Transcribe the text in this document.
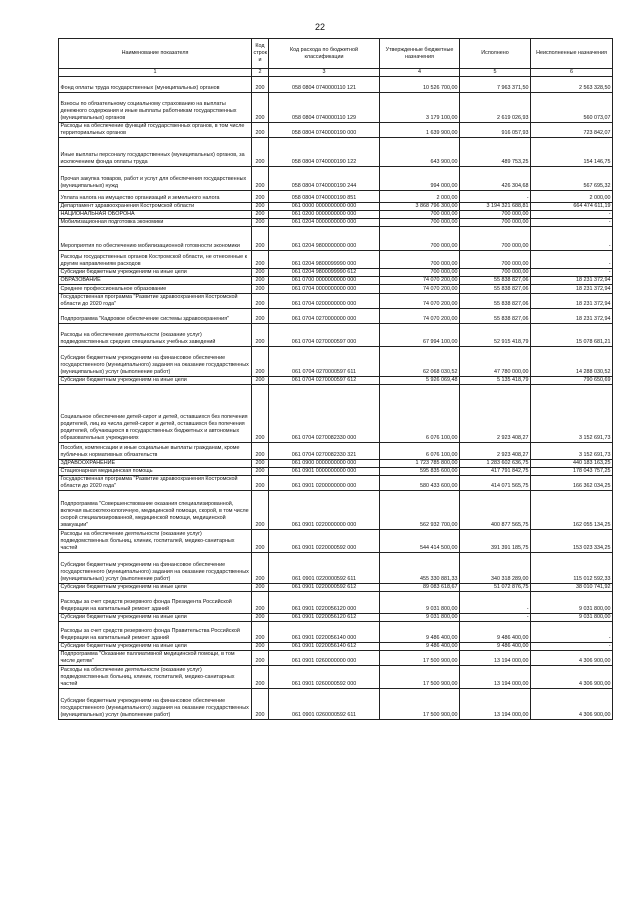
22
Наименование показателя	Код строк и	Код расхода по бюджетной классификации	Утвержденные бюджетные назначения	Исполнено	Неисполненные назначения
1	2	3	4	5	6
Фонд оплаты труда государственных (муниципальных) органов	200	058 0804 0740000110 121	10 526 700,00	7 963 371,50	2 563 328,50
Взносы по обязательному социальному страхованию на выплаты денежного содержания и иные выплаты работникам государственных (муниципальных) органов	200	058 0804 0740000110 129	3 179 100,00	2 619 026,93	560 073,07
Расходы на обеспечение функций государственных органов, в том числе территориальных органов	200	058 0804 0740000190 000	1 639 900,00	916 057,93	723 842,07
Иные выплаты персоналу государственных (муниципальных) органов, за исключением фонда оплаты труда	200	058 0804 0740000190 122	643 900,00	489 753,25	154 146,75
Прочая закупка товаров, работ и услуг для обеспечения государственных (муниципальных) нужд	200	058 0804 0740000190 244	994 000,00	426 304,68	567 695,32
Уплата налога на имущество организаций и земельного налога	200	058 0804 0740000190 851	2 000,00	-	2 000,00
Департамент здравоохранения Костромской области	200	061 0000 0000000000 000	3 868 796 300,00	3 194 321 688,81	664 474 611,19
НАЦИОНАЛЬНАЯ ОБОРОНА	200	061 0200 0000000000 000	700 000,00	700 000,00	-
Мобилизационная подготовка экономики	200	061 0204 0000000000 000	700 000,00	700 000,00	-
Мероприятия по обеспечению мобилизационной готовности экономики	200	061 0204 9800000000 000	700 000,00	700 000,00	-
Расходы государственных органов Костромской области, не отнесенные к другим направлениям расходов	200	061 0204 9800099990 000	700 000,00	700 000,00	-
Субсидии бюджетным учреждениям на иные цели	200	061 0204 9800099990 612	700 000,00	700 000,00	-
ОБРАЗОВАНИЕ	200	061 0700 0000000000 000	74 070 200,00	55 838 827,06	18 231 372,94
Среднее профессиональное образование	200	061 0704 0000000000 000	74 070 200,00	55 838 827,06	18 231 372,94
Государственная программа "Развитие здравоохранения Костромской области до 2020 года"	200	061 0704 0200000000 000	74 070 200,00	55 838 827,06	18 231 372,94
Подпрограмма "Кадровое обеспечение системы здравоохранения"	200	061 0704 0270000000 000	74 070 200,00	55 838 827,06	18 231 372,94
Расходы на обеспечение деятельности (оказание услуг) подведомственных средних специальных учебных заведений	200	061 0704 0270000597 000	67 994 100,00	52 915 418,79	15 078 681,21
Субсидии бюджетным учреждениям на финансовое обеспечение государственного (муниципального) задания на оказание государственных (муниципальных) услуг (выполнение работ)	200	061 0704 0270000597 611	62 068 030,52	47 780 000,00	14 288 030,52
Субсидии бюджетным учреждениям на иные цели	200	061 0704 0270000597 612	5 926 069,48	5 135 418,79	790 650,69
Социальное обеспечение детей-сирот и детей, оставшихся без попечения родителей, лиц из числа детей-сирот и детей, оставшихся без попечения родителей, обучающихся в государственных бюджетных и автономных образовательных учреждениях	200	061 0704 0270082330 000	6 076 100,00	2 923 408,27	3 152 691,73
Пособия, компенсации и иные социальные выплаты гражданам, кроме публичных нормативных обязательств	200	061 0704 0270082330 321	6 076 100,00	2 923 408,27	3 152 691,73
ЗДРАВООХРАНЕНИЕ	200	061 0900 0000000000 000	1 723 785 800,00	1 283 602 636,75	440 183 163,25
Стационарная медицинская помощь	200	061 0901 0000000000 000	595 835 600,00	417 791 842,75	178 043 757,25
Государственная программа "Развитие здравоохранения Костромской области до 2020 года"	200	061 0901 0200000000 000	580 433 600,00	414 071 565,75	166 362 034,25
Подпрограмма "Совершенствование оказания специализированной, включая высокотехнологичную, медицинской помощи, скорой, в том числе скорой специализированной, медицинской помощи, медицинской эвакуации"	200	061 0901 0220000000 000	562 932 700,00	400 877 565,75	162 055 134,25
Расходы на обеспечение деятельности (оказание услуг) подведомственных больниц, клиник, госпиталей, медико-санитарных частей	200	061 0901 0220000592 000	544 414 500,00	391 391 185,75	153 023 334,25
Субсидии бюджетным учреждениям на финансовое обеспечение государственного (муниципального) задания на оказание государственных (муниципальных) услуг (выполнение работ)	200	061 0901 0220000592 611	455 330 881,33	340 318 289,00	115 012 592,33
Субсидии бюджетным учреждениям на иные цели	200	061 0901 0220000592 612	89 083 618,67	51 072 876,75	38 010 741,92
Расходы за счет средств резервного фонда Президента Российской Федерации на капитальный ремонт зданий	200	061 0901 0220056120 000	9 031 800,00	-	9 031 800,00
Субсидии бюджетным учреждениям на иные цели	200	061 0901 0220056120 612	9 031 800,00	-	9 031 800,00
Расходы за счет средств резервного фонда Правительства Российской Федерации на капитальный ремонт зданий	200	061 0901 0220056140 000	9 486 400,00	9 486 400,00	-
Субсидии бюджетным учреждениям на иные цели	200	061 0901 0220056140 612	9 486 400,00	9 486 400,00	-
Подпрограмма "Оказание паллиативной медицинской помощи, в том числе детям"	200	061 0901 0260000000 000	17 500 900,00	13 194 000,00	4 306 900,00
Расходы на обеспечение деятельности (оказание услуг) подведомственных больниц, клиник, госпиталей, медико-санитарных частей	200	061 0901 0260000592 000	17 500 900,00	13 194 000,00	4 306 900,00
Субсидии бюджетным учреждениям на финансовое обеспечение государственного (муниципального) задания на оказание государственных (муниципальных) услуг (выполнение работ)	200	061 0901 0260000592 611	17 500 900,00	13 194 000,00	4 306 900,00
